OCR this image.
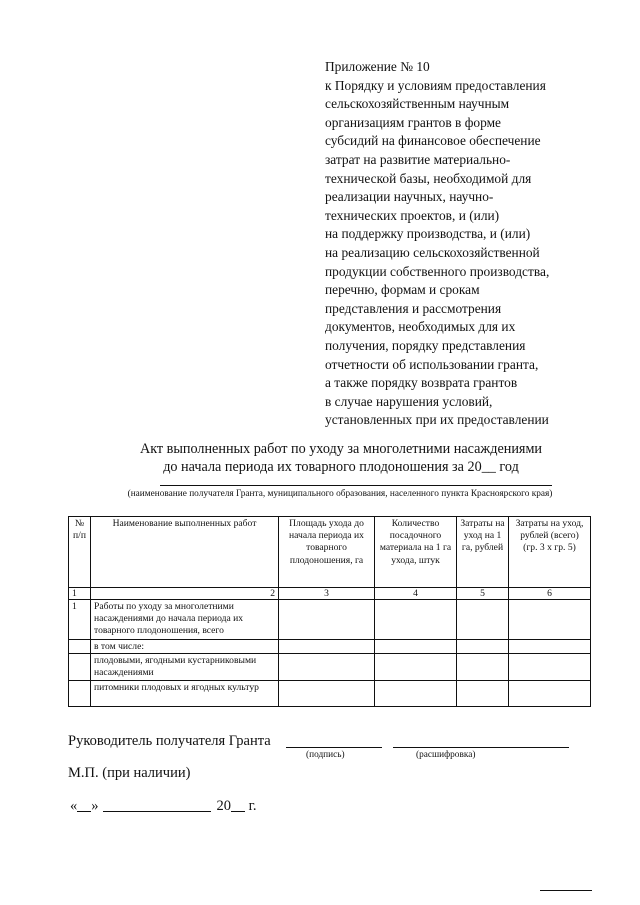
Приложение № 10
к Порядку и условиям предоставления
сельскохозяйственным научным
организациям грантов в форме
субсидий на финансовое обеспечение
затрат на развитие материально-
технической базы, необходимой для
реализации научных, научно-
технических проектов, и (или)
на поддержку производства, и (или)
на реализацию сельскохозяйственной
продукции собственного производства,
перечню, формам и срокам
представления и рассмотрения
документов, необходимых для их
получения, порядку представления
отчетности об использовании гранта,
а также порядку возврата грантов
в случае нарушения условий,
установленных при их предоставлении
Акт выполненных работ по уходу за многолетними насаждениями
до начала периода их товарного плодоношения за 20__ год
(наименование получателя Гранта, муниципального образования, населенного пункта Красноярского края)
№ п/п	Наименование выполненных работ	Площадь ухода до начала периода их товарного плодоношения, га	Количество посадочного материала на 1 га ухода, штук	Затраты на уход на 1 га, рублей	Затраты на уход, рублей (всего) (гр. 3 х гр. 5)
1	2	3	4	5	6
1	Работы по уходу за многолетними насаждениями до начала периода их товарного плодоношения, всего				
	в том числе:				
	плодовыми, ягодными кустарниковыми насаждениями				
	питомники плодовых и ягодных культур				
Руководитель получателя Гранта
(подпись)	(расшифровка)
М.П. (при наличии)
« »	20 г.
